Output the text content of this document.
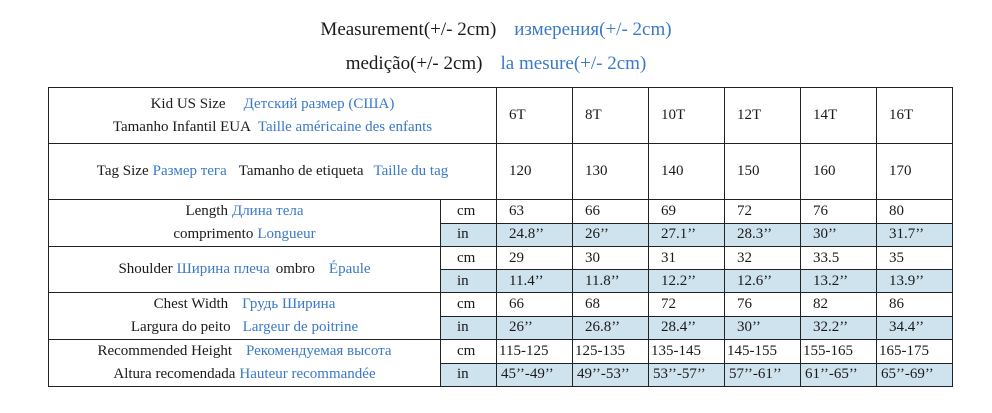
Measurement(+/- 2cm) измерения(+/- 2cm)
medição(+/- 2cm) la mesure(+/- 2cm)
Kid US Size Детский размер (США)
Tamanho Infantil EUA Taille américaine des enfants		6T	8T	10T	12T	14T	16T
Tag Size Размер тега Tamanho de etiqueta Taille du tag		120	130	140	150	160	170

Length Длина тела
comprimento Longueur	cm	63	66	69	72	76	80
	in	24.8’’	26’’	27.1’’	28.3’’	30’’	31.7’’
Shoulder Ширина плеча ombro Épaule	cm	29	30	31	32	33.5	35
	in	11.4’’	11.8’’	12.2’’	12.6’’	13.2’’	13.9’’

Chest Width Грудь Ширина
Largura do peito Largeur de poitrine	cm	66	68	72	76	82	86
	in	26’’	26.8’’	28.4’’	30’’	32.2’’	34.4’’

Recommended Height Рекомендуемая высота
Altura recomendada Hauteur recommandée	cm	115-125	125-135	135-145	145-155	155-165	165-175
	in	45’’-49’’	49’’-53’’	53’’-57’’	57’’-61’’	61’’-65’’	65’’-69’’
